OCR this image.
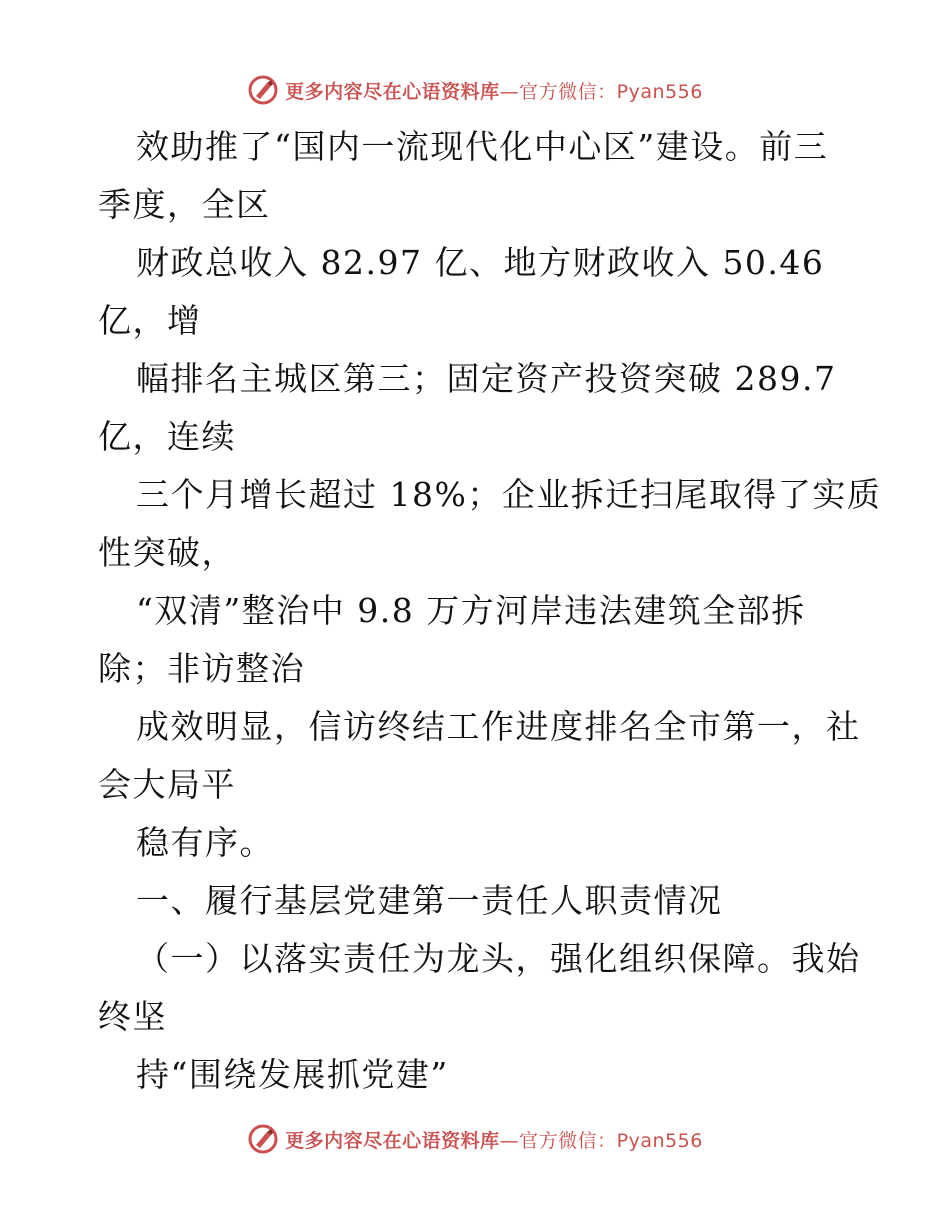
更多内容尽在心语资料库—官方微信：Pyan556
效助推了“国内一流现代化中心区”建设。前三
季度，全区
财政总收入 82.97 亿、地方财政收入 50.46
亿，增
幅排名主城区第三；固定资产投资突破 289.7
亿，连续
三个月增长超过 18%；企业拆迁扫尾取得了实质
性突破，
“双清”整治中 9.8 万方河岸违法建筑全部拆
除；非访整治
成效明显，信访终结工作进度排名全市第一，社
会大局平
稳有序。
一、履行基层党建第一责任人职责情况
（一）以落实责任为龙头，强化组织保障。我始
终坚
持“围绕发展抓党建”
更多内容尽在心语资料库—官方微信：Pyan556
